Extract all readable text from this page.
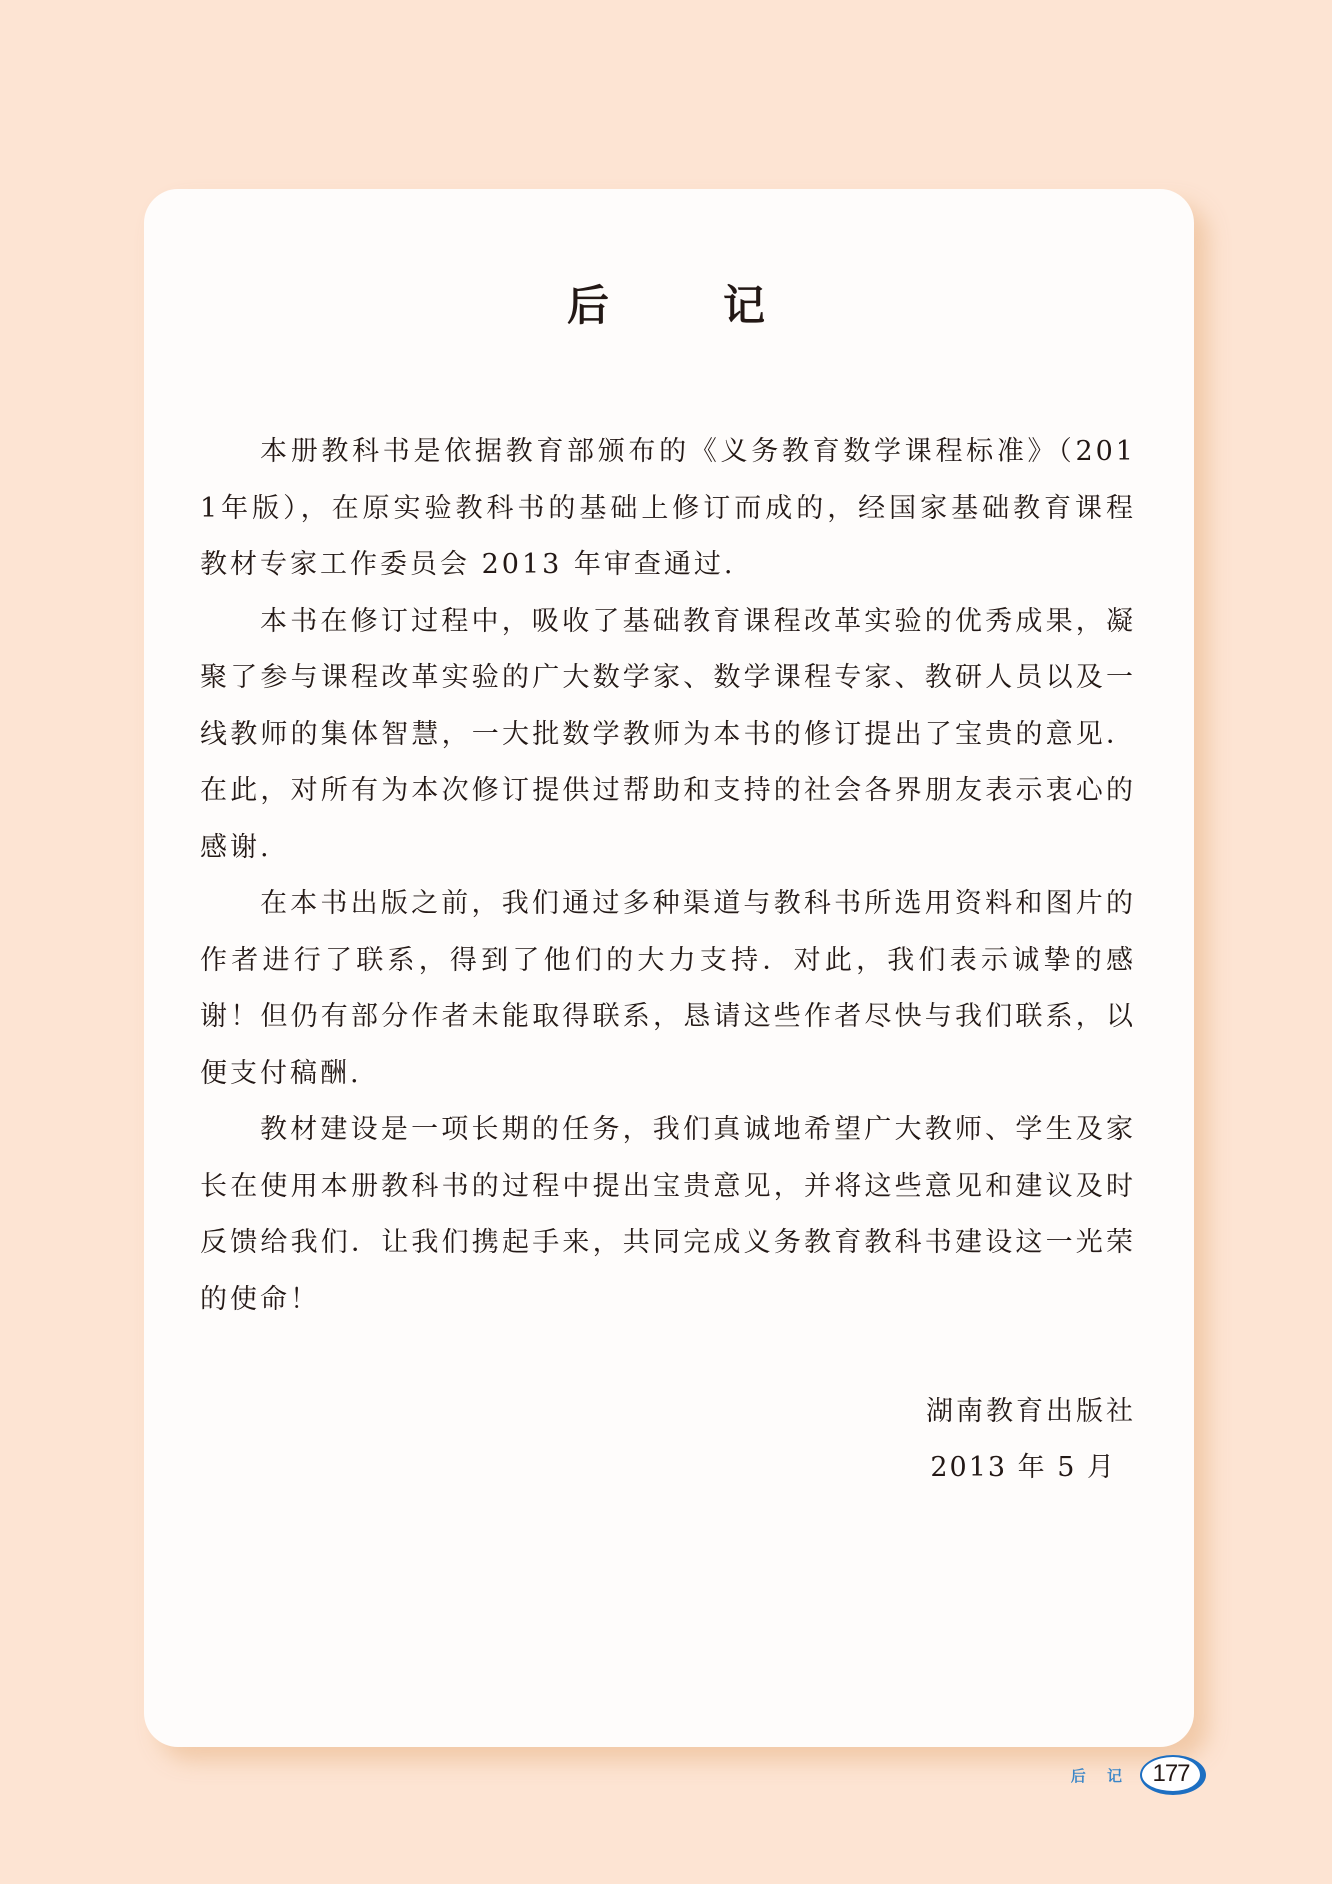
后　记

本册教科书是依据教育部颁布的《义务教育数学课程标准》（2011年版），在原实验教科书的基础上修订而成的，经国家基础教育课程教材专家工作委员会 2013 年审查通过.

本书在修订过程中，吸收了基础教育课程改革实验的优秀成果，凝聚了参与课程改革实验的广大数学家、数学课程专家、教研人员以及一线教师的集体智慧，一大批数学教师为本书的修订提出了宝贵的意见．在此，对所有为本次修订提供过帮助和支持的社会各界朋友表示衷心的感谢.

在本书出版之前，我们通过多种渠道与教科书所选用资料和图片的作者进行了联系，得到了他们的大力支持．对此，我们表示诚挚的感谢！但仍有部分作者未能取得联系，恳请这些作者尽快与我们联系，以便支付稿酬.

教材建设是一项长期的任务，我们真诚地希望广大教师、学生及家长在使用本册教科书的过程中提出宝贵意见，并将这些意见和建议及时反馈给我们．让我们携起手来，共同完成义务教育教科书建设这一光荣的使命！

湖南教育出版社

2013 年 5 月

后 记 177
